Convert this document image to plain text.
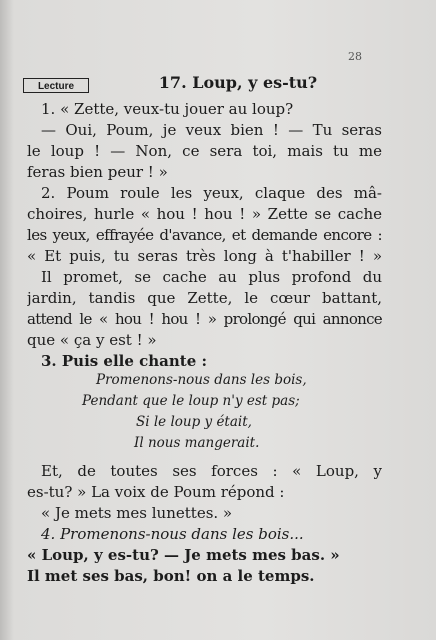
28
Lecture	17. Loup, y es-tu?
1. « Zette, veux-tu jouer au loup?
— Oui, Poum, je veux bien ! — Tu seras
le loup ! — Non, ce sera toi, mais tu me
feras bien peur ! »
2. Poum roule les yeux, claque des mâ-
choires, hurle « hou ! hou ! » Zette se cache
les yeux, effrayée d'avance, et demande encore :
« Et puis, tu seras très long à t'habiller ! »
Il promet, se cache au plus profond du
jardin, tandis que Zette, le cœur battant,
attend le « hou ! hou ! » prolongé qui annonce
que « ça y est ! »
3. Puis elle chante :
Promenons-nous dans les bois,
Pendant que le loup n'y est pas;
Si le loup y était,
Il nous mangerait.
Et, de toutes ses forces : « Loup, y
es-tu? » La voix de Poum répond :
« Je mets mes lunettes. »
4. Promenons-nous dans les bois...
« Loup, y es-tu? — Je mets mes bas. »
Il met ses bas, bon! on a le temps.
